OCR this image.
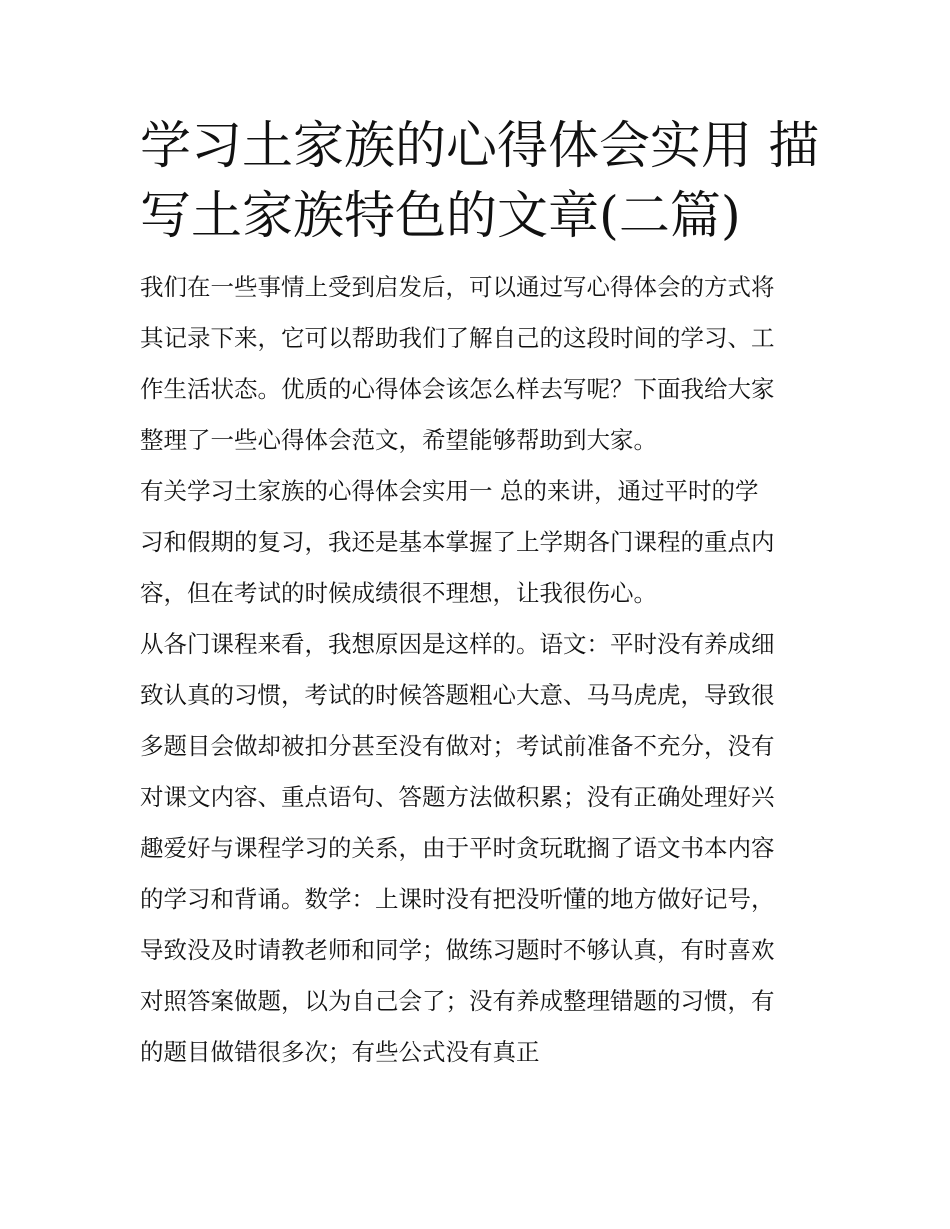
学习土家族的心得体会实用 描
写土家族特色的文章(二篇)
我们在一些事情上受到启发后，可以通过写心得体会的方式将
其记录下来，它可以帮助我们了解自己的这段时间的学习、工
作生活状态。优质的心得体会该怎么样去写呢？下面我给大家
整理了一些心得体会范文，希望能够帮助到大家。
有关学习土家族的心得体会实用一 总的来讲，通过平时的学
习和假期的复习，我还是基本掌握了上学期各门课程的重点内
容，但在考试的时候成绩很不理想，让我很伤心。
从各门课程来看，我想原因是这样的。语文：平时没有养成细
致认真的习惯，考试的时候答题粗心大意、马马虎虎，导致很
多题目会做却被扣分甚至没有做对；考试前准备不充分，没有
对课文内容、重点语句、答题方法做积累；没有正确处理好兴
趣爱好与课程学习的关系，由于平时贪玩耽搁了语文书本内容
的学习和背诵。数学：上课时没有把没听懂的地方做好记号，
导致没及时请教老师和同学；做练习题时不够认真，有时喜欢
对照答案做题，以为自己会了；没有养成整理错题的习惯，有
的题目做错很多次；有些公式没有真正
